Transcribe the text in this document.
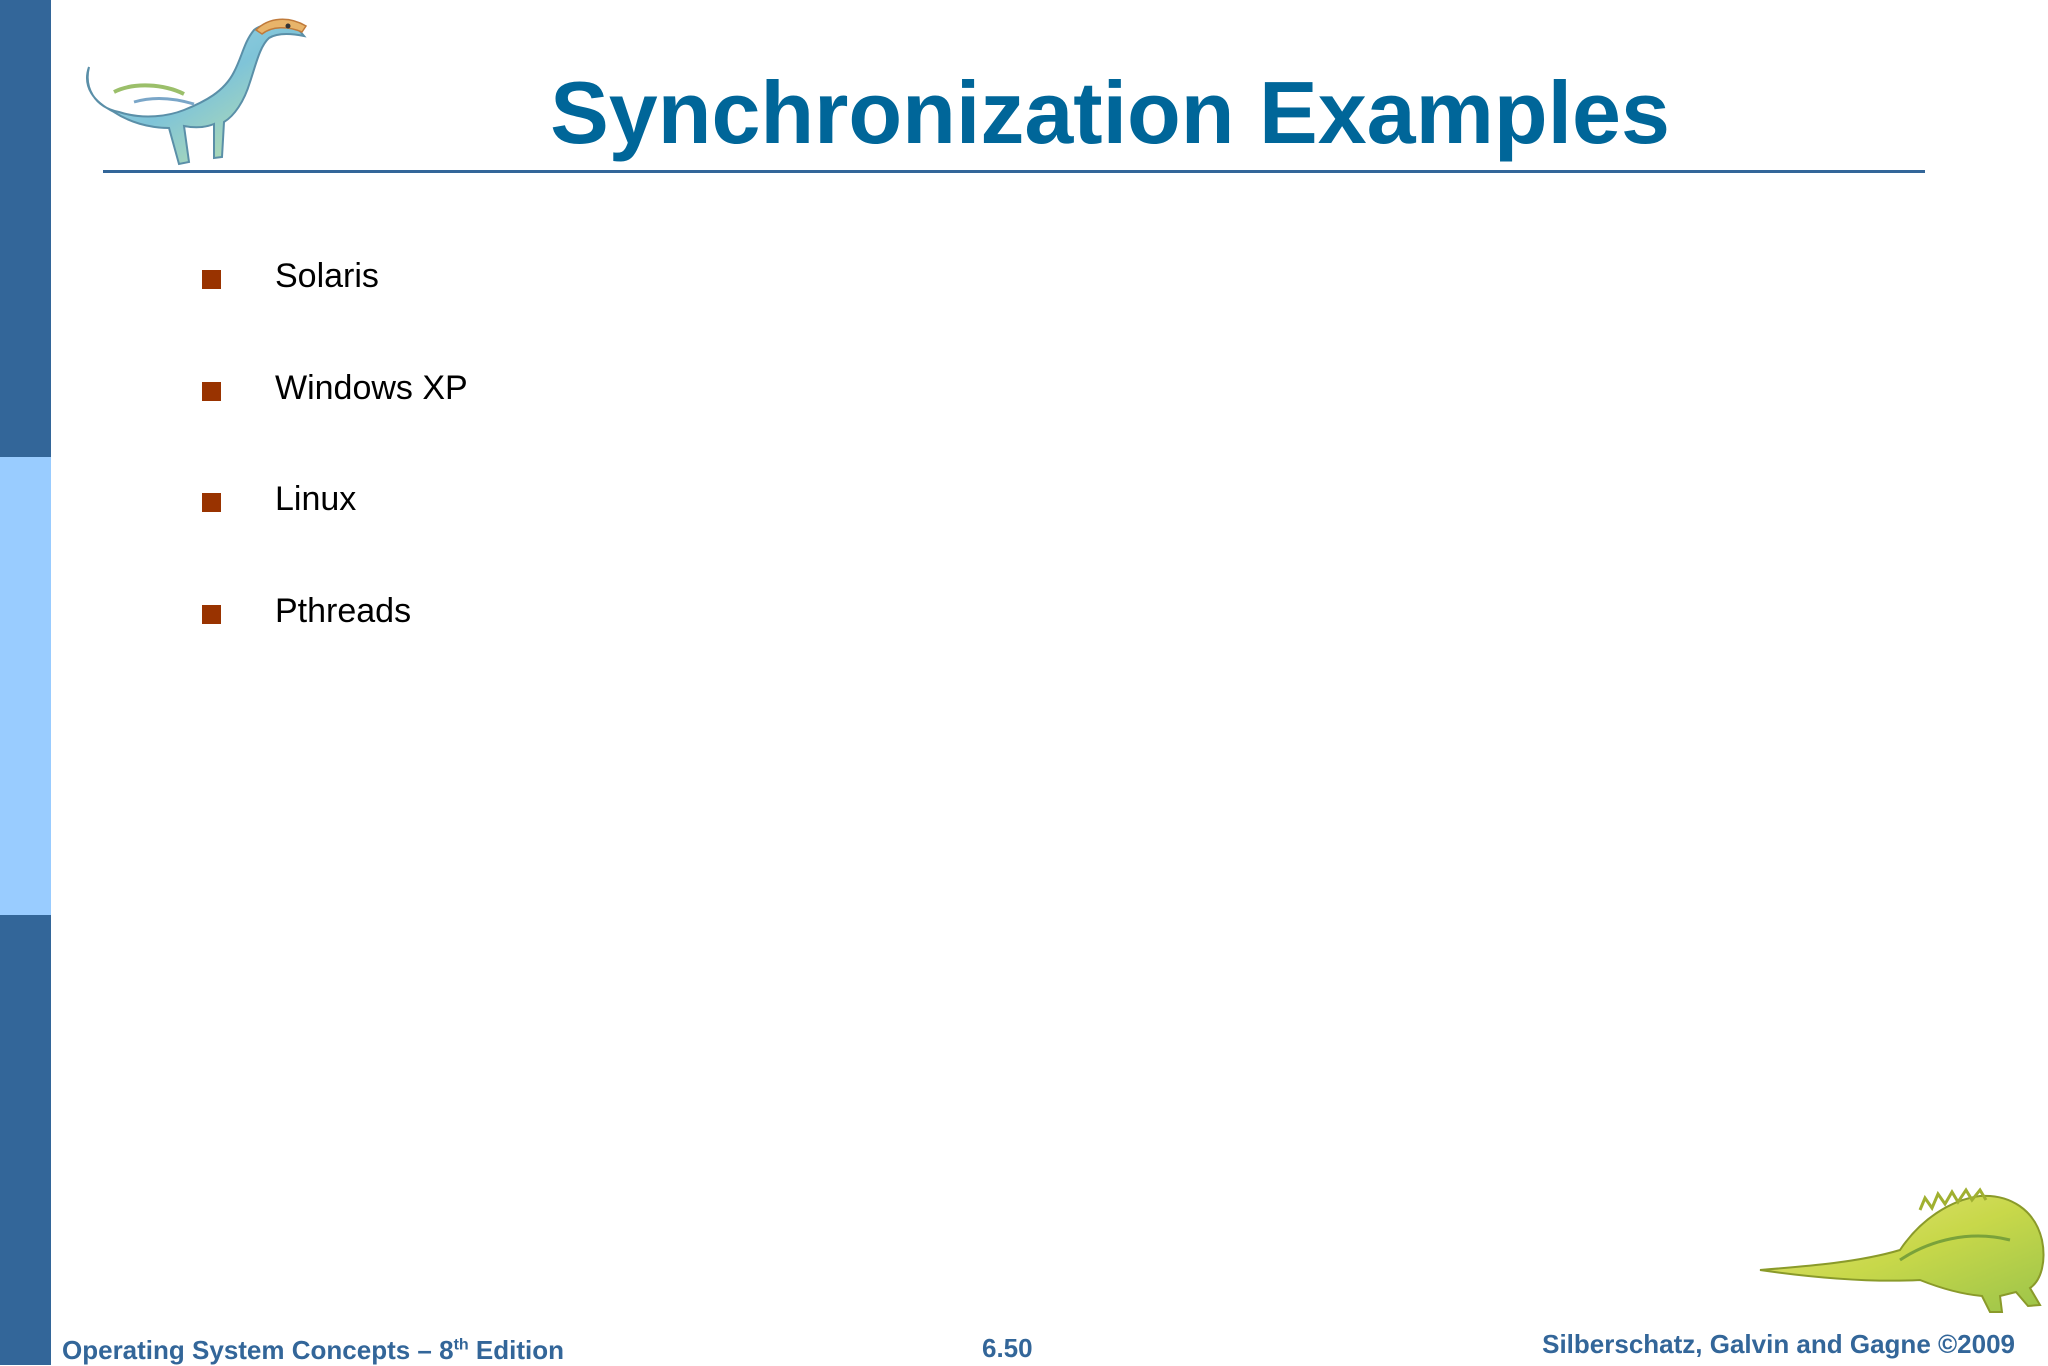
Synchronization Examples
Solaris
Windows XP
Linux
Pthreads
Operating System Concepts – 8th Edition	6.50	Silberschatz, Galvin and Gagne ©2009
